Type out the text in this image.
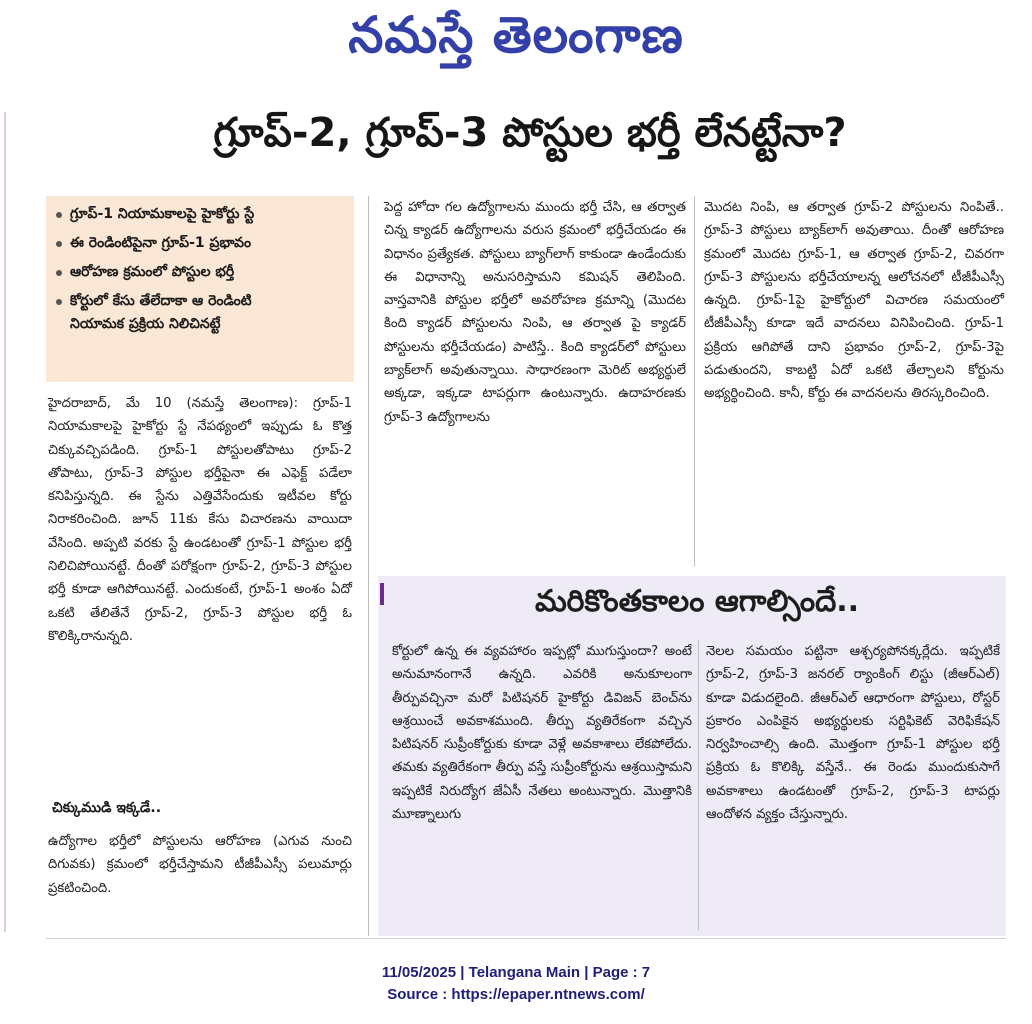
నమస్తే తెలంగాణ
గ్రూప్-2, గ్రూప్-3 పోస్టుల భర్తీ లేనట్టేనా?
గ్రూప్-1 నియామకాలపై హైకోర్టు స్టే
ఈ రెండింటిపైనా గ్రూప్-1 ప్రభావం
ఆరోహణ క్రమంలో పోస్టుల భర్తీ
కోర్టులో కేసు తేలేదాకా ఆ రెండింటి
నియామక ప్రక్రియ నిలిచినట్టే

హైదరాబాద్, మే 10 (నమస్తే తెలంగాణ): గ్రూప్-1 నియామకాలపై హైకోర్టు స్టే నేపథ్యంలో ఇప్పుడు ఓ కొత్త చిక్కువచ్చిపడింది. గ్రూప్-1 పోస్టులతోపాటు గ్రూప్-2 తోపాటు, గ్రూప్-3 పోస్టుల భర్తీపైనా ఈ ఎఫెక్ట్ పడేలా కనిపిస్తున్నది. ఈ స్టేను ఎత్తివేసేందుకు ఇటీవల కోర్టు నిరాకరించింది. జూన్ 11కు కేసు విచారణను వాయిదా వేసింది. అప్పటి వరకు స్టే ఉండటంతో గ్రూప్-1 పోస్టుల భర్తీ నిలిచిపోయినట్టే. దీంతో పరోక్షంగా గ్రూప్-2, గ్రూప్-3 పోస్టుల భర్తీ కూడా ఆగిపోయినట్టే. ఎందుకంటే, గ్రూప్-1 అంశం ఏదో ఒకటి తేలితేనే గ్రూప్-2, గ్రూప్-3 పోస్టుల భర్తీ ఓ కొలిక్కిరానున్నది.

చిక్కుముడి ఇక్కడే..

ఉద్యోగాల భర్తీలో పోస్టులను ఆరోహణ (ఎగువ నుంచి దిగువకు) క్రమంలో భర్తీచేస్తామని టీజీపీఎస్సీ పలుమార్లు ప్రకటించింది.

పెద్ద హోదా గల ఉద్యోగాలను ముందు భర్తీ చేసి, ఆ తర్వాత చిన్న క్యాడర్ ఉద్యోగాలను వరుస క్రమంలో భర్తీచేయడం ఈ విధానం ప్రత్యేకత. పోస్టులు బ్యాగ్‌లాగ్ కాకుండా ఉండేందుకు ఈ విధానాన్ని అనుసరిస్తామని కమిషన్ తెలిపింది. వాస్తవానికి పోస్టుల భర్తీలో అవరోహణ క్రమాన్ని (మొదట కింది క్యాడర్ పోస్టులను నింపి, ఆ తర్వాత పై క్యాడర్ పోస్టులను భర్తీచేయడం) పాటిస్తే.. కింది క్యాడర్‌లో పోస్టులు బ్యాక్‌లాగ్ అవుతున్నాయి. సాధారణంగా మెరిట్ అభ్యర్థులే అక్కడా, ఇక్కడా టాపర్లుగా ఉంటున్నారు. ఉదాహరణకు గ్రూప్-3 ఉద్యోగాలను

మొదట నింపి, ఆ తర్వాత గ్రూప్-2 పోస్టులను నింపితే.. గ్రూప్-3 పోస్టులు బ్యాక్‌లాగ్ అవుతాయి. దీంతో ఆరోహణ క్రమంలో మొదట గ్రూప్-1, ఆ తర్వాత గ్రూప్-2, చివరగా గ్రూప్-3 పోస్టులను భర్తీచేయాలన్న ఆలోచనలో టీజీపీఎస్సీ ఉన్నది. గ్రూప్-1పై హైకోర్టులో విచారణ సమయంలో టీజీపీఎస్సీ కూడా ఇదే వాదనలు వినిపించింది. గ్రూప్-1 ప్రక్రియ ఆగిపోతే దాని ప్రభావం గ్రూప్-2, గ్రూప్-3పై పడుతుందని, కాబట్టి ఏదో ఒకటి తేల్చాలని కోర్టును అభ్యర్థించింది. కానీ, కోర్టు ఈ వాదనలను తిరస్కరించింది.

మరికొంతకాలం ఆగాల్సిందే..

కోర్టులో ఉన్న ఈ వ్యవహారం ఇప్పట్లో ముగుస్తుందా? అంటే అనుమానంగానే ఉన్నది. ఎవరికి అనుకూలంగా తీర్పువచ్చినా మరో పిటిషనర్ హైకోర్టు డివిజన్ బెంచ్‌ను ఆశ్రయించే అవకాశముంది. తీర్పు వ్యతిరేకంగా వచ్చిన పిటిషనర్ సుప్రీంకోర్టుకు కూడా వెళ్లే అవకాశాలు లేకపోలేదు. తమకు వ్యతిరేకంగా తీర్పు వస్తే సుప్రీంకోర్టును ఆశ్రయిస్తామని ఇప్పటికే నిరుద్యోగ జేఏసీ నేతలు అంటున్నారు. మొత్తానికి మూణ్నాలుగు

నెలల సమయం పట్టినా ఆశ్చర్యపోనక్కర్లేదు. ఇప్పటికే గ్రూప్-2, గ్రూప్-3 జనరల్ ర్యాంకింగ్ లిస్టు (జీఆర్ఎల్) కూడా విడుదలైంది. జీఆర్ఎల్ ఆధారంగా పోస్టులు, రోస్టర్ ప్రకారం ఎంపికైన అభ్యర్థులకు సర్టిఫికెట్ వెరిఫికేషన్ నిర్వహించాల్సి ఉంది. మొత్తంగా గ్రూప్-1 పోస్టుల భర్తీ ప్రక్రియ ఓ కొలిక్కి వస్తేనే.. ఈ రెండు ముందుకుసాగే అవకాశాలు ఉండటంతో గ్రూప్-2, గ్రూప్-3 టాపర్లు ఆందోళన వ్యక్తం చేస్తున్నారు.

11/05/2025 | Telangana Main | Page : 7
Source : https://epaper.ntnews.com/
